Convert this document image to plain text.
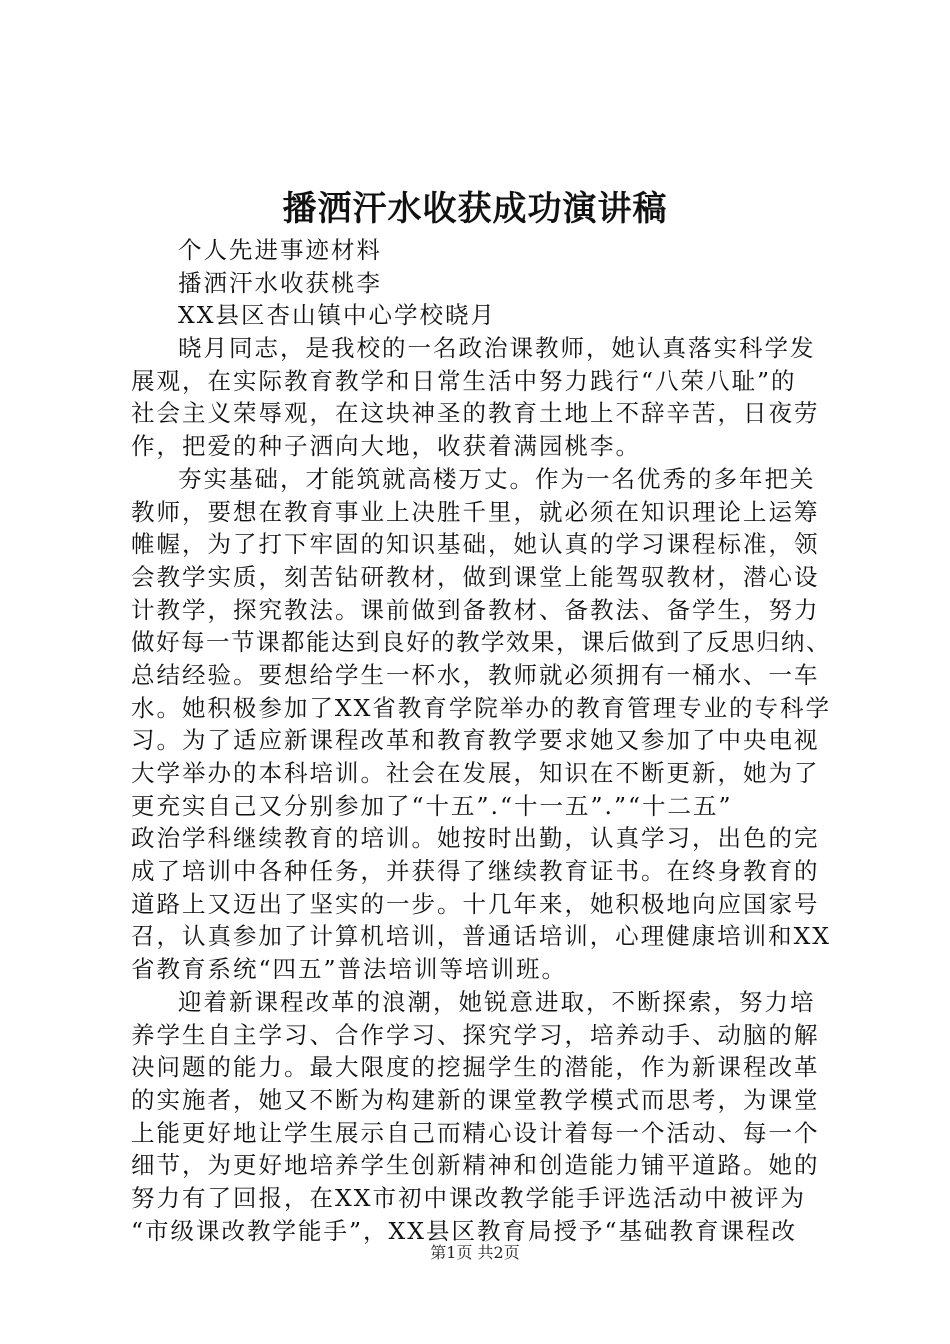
播洒汗水收获成功演讲稿
个人先进事迹材料
播洒汗水收获桃李
XX县区杏山镇中心学校晓月
晓月同志，是我校的一名政治课教师，她认真落实科学发
展观，在实际教育教学和日常生活中努力践行“八荣八耻”的
社会主义荣辱观，在这块神圣的教育土地上不辞辛苦，日夜劳
作，把爱的种子洒向大地，收获着满园桃李。
夯实基础，才能筑就高楼万丈。作为一名优秀的多年把关
教师，要想在教育事业上决胜千里，就必须在知识理论上运筹
帷幄，为了打下牢固的知识基础，她认真的学习课程标准，领
会教学实质，刻苦钻研教材，做到课堂上能驾驭教材，潜心设
计教学，探究教法。课前做到备教材、备教法、备学生，努力
做好每一节课都能达到良好的教学效果，课后做到了反思归纳、
总结经验。要想给学生一杯水，教师就必须拥有一桶水、一车
水。她积极参加了XX省教育学院举办的教育管理专业的专科学
习。为了适应新课程改革和教育教学要求她又参加了中央电视
大学举办的本科培训。社会在发展，知识在不断更新，她为了
更充实自己又分别参加了“十五”.“十一五”.”“十二五”
政治学科继续教育的培训。她按时出勤，认真学习，出色的完
成了培训中各种任务，并获得了继续教育证书。在终身教育的
道路上又迈出了坚实的一步。十几年来，她积极地向应国家号
召，认真参加了计算机培训，普通话培训，心理健康培训和XX
省教育系统“四五”普法培训等培训班。
迎着新课程改革的浪潮，她锐意进取，不断探索，努力培
养学生自主学习、合作学习、探究学习，培养动手、动脑的解
决问题的能力。最大限度的挖掘学生的潜能，作为新课程改革
的实施者，她又不断为构建新的课堂教学模式而思考，为课堂
上能更好地让学生展示自己而精心设计着每一个活动、每一个
细节，为更好地培养学生创新精神和创造能力铺平道路。她的
努力有了回报，在XX市初中课改教学能手评选活动中被评为
“市级课改教学能手”，XX县区教育局授予“基础教育课程改
第1页 共2页
